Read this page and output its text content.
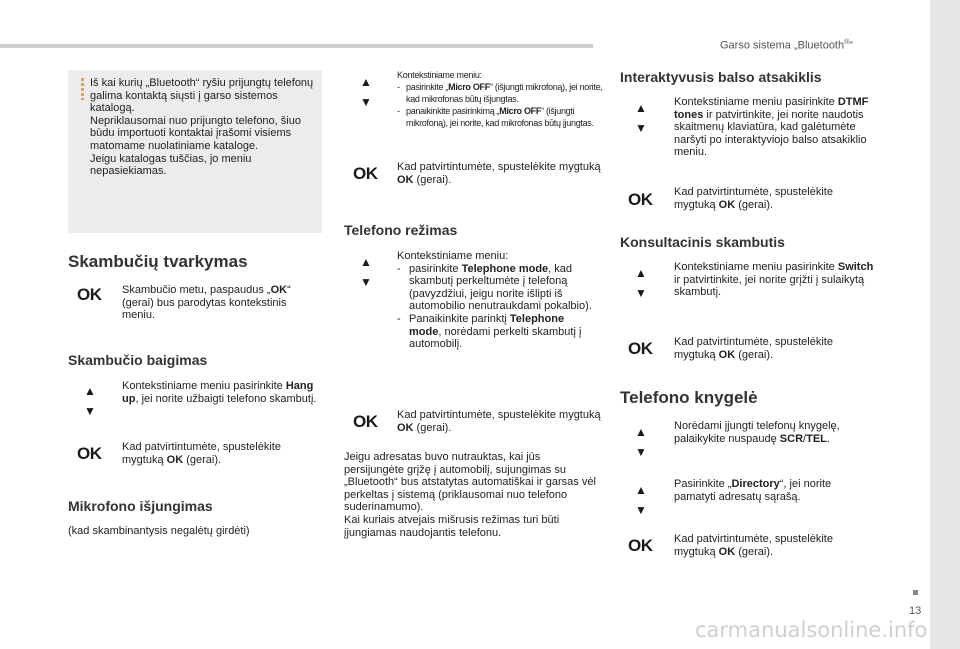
Garso sistema „Bluetooth®“
13
carmanualsonline.info
Iš kai kurių „Bluetooth“ ryšiu prijungtų telefonų galima kontaktą siųsti į garso sistemos katalogą.
Nepriklausomai nuo prijungto telefono, šiuo būdu importuoti kontaktai įrašomi visiems matomame nuolatiniame kataloge.
Jeigu katalogas tuščias, jo meniu nepasiekiamas.
Skambučių tvarkymas
OK Skambučio metu, paspaudus „OK“ (gerai) bus parodytas kontekstinis meniu.
Skambučio baigimas
▲
▼
Kontekstiniame meniu pasirinkite Hang up, jei norite užbaigti telefono skambutį.
OK Kad patvirtintumėte, spustelėkite mygtuką OK (gerai).
Mikrofono išjungimas
(kad skambinantysis negalėtų girdėti)
▲
▼
Kontekstiniame meniu:
- pasirinkite „Micro OFF“ (išjungti mikrofoną), jei norite, kad mikrofonas būtų išjungtas.
- panaikinkite pasirinkimą „Micro OFF“ (išjungti mikrofoną), jei norite, kad mikrofonas būtų įjungtas.
OK Kad patvirtintumėte, spustelėkite mygtuką OK (gerai).
Telefono režimas
▲
▼
Kontekstiniame meniu:
- pasirinkite Telephone mode, kad skambutį perkeltumėte į telefoną (pavyzdžiui, jeigu norite išlipti iš automobilio nenutraukdami pokalbio).
- Panaikinkite parinktį Telephone mode, norėdami perkelti skambutį į automobilį.
OK Kad patvirtintumėte, spustelėkite mygtuką OK (gerai).
Jeigu adresatas buvo nutrauktas, kai jūs persijungėte grįžę į automobilį, sujungimas su „Bluetooth“ bus atstatytas automatiškai ir garsas vėl perkeltas į sistemą (priklausomai nuo telefono suderinamumo).
Kai kuriais atvejais mišrusis režimas turi būti įjungiamas naudojantis telefonu.
Interaktyvusis balso atsakiklis
▲
▼
Kontekstiniame meniu pasirinkite DTMF tones ir patvirtinkite, jei norite naudotis skaitmenų klaviatūra, kad galėtumėte naršyti po interaktyviojo balso atsakiklio meniu.
OK Kad patvirtintumėte, spustelėkite mygtuką OK (gerai).
Konsultacinis skambutis
▲
▼
Kontekstiniame meniu pasirinkite Switch ir patvirtinkite, jei norite grįžti į sulaikytą skambutį.
OK Kad patvirtintumėte, spustelėkite mygtuką OK (gerai).
Telefono knygelė
▲
▼
Norėdami įjungti telefonų knygelę, palaikykite nuspaudę SCR/TEL.
▲
▼
Pasirinkite „Directory“, jei norite pamatyti adresatų sąrašą.
OK Kad patvirtintumėte, spustelėkite mygtuką OK (gerai).
